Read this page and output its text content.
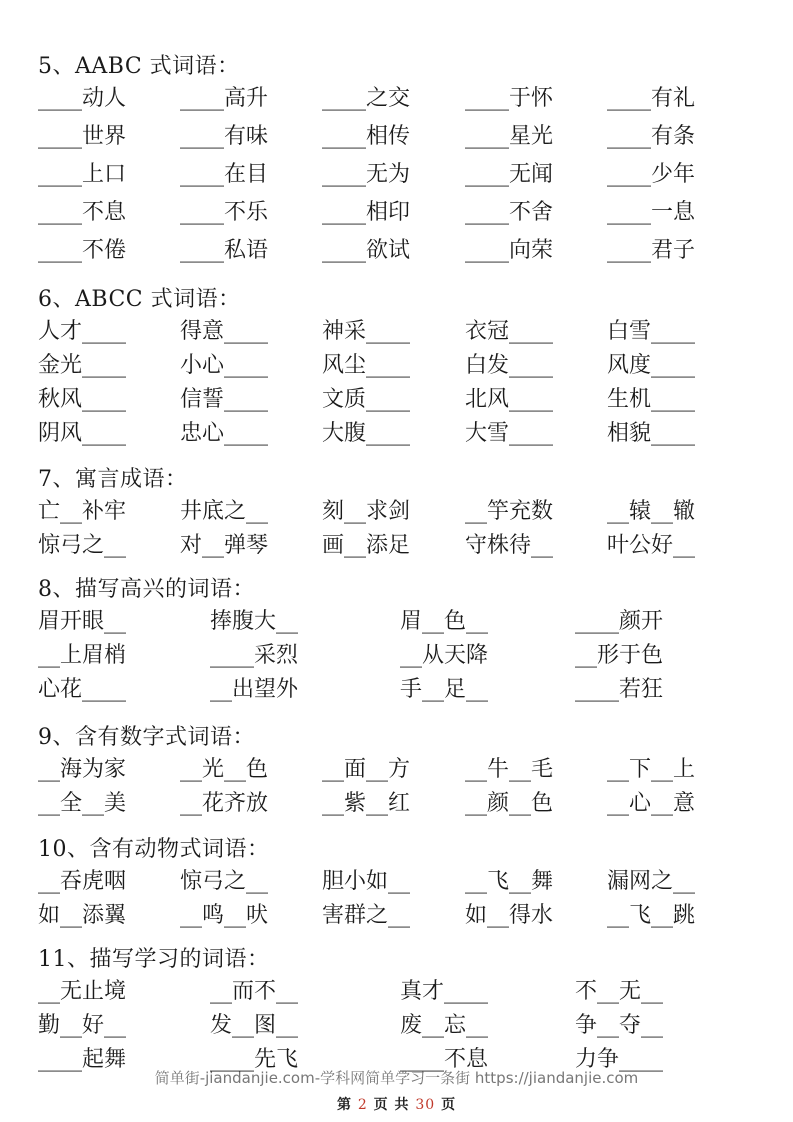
5、AABC 式词语：
____动人 ____高升 ____之交 ____于怀 ____有礼
____世界 ____有味 ____相传 ____星光 ____有条
____上口 ____在目 ____无为 ____无闻 ____少年
____不息 ____不乐 ____相印 ____不舍 ____一息
____不倦 ____私语 ____欲试 ____向荣 ____君子
6、ABCC 式词语：
人才____ 得意____ 神采____ 衣冠____ 白雪____
金光____ 小心____ 风尘____ 白发____ 风度____
秋风____ 信誓____ 文质____ 北风____ 生机____
阴风____ 忠心____ 大腹____ 大雪____ 相貌____
7、寓言成语：
亡__补牢 井底之__ 刻__求剑 __竽充数 __辕__辙
惊弓之__ 对__弹琴 画__添足 守株待__ 叶公好__
8、描写高兴的词语：
眉开眼__	捧腹大__	眉__色__	____颜开
__上眉梢	____采烈	__从天降	__形于色
心花____	__出望外	手__足__	____若狂
9、含有数字式词语：
__海为家 __光__色 __面__方 __牛__毛 __下__上
__全__美 __花齐放 __紫__红 __颜__色 __心__意
10、含有动物式词语：
__吞虎咽 惊弓之__ 胆小如__ __飞__舞 漏网之__
如__添翼 __鸣__吠 害群之__ 如__得水 __飞__跳
11、描写学习的词语：
__无止境	__而不__	真才____	不__无__
勤__好__	发__图__	废__忘__	争__夺__
____起舞	____先飞	____不息	力争____
简单街-jiandanjie.com-学科网简单学习一条街 https://jiandanjie.com
第 2 页 共 30 页
